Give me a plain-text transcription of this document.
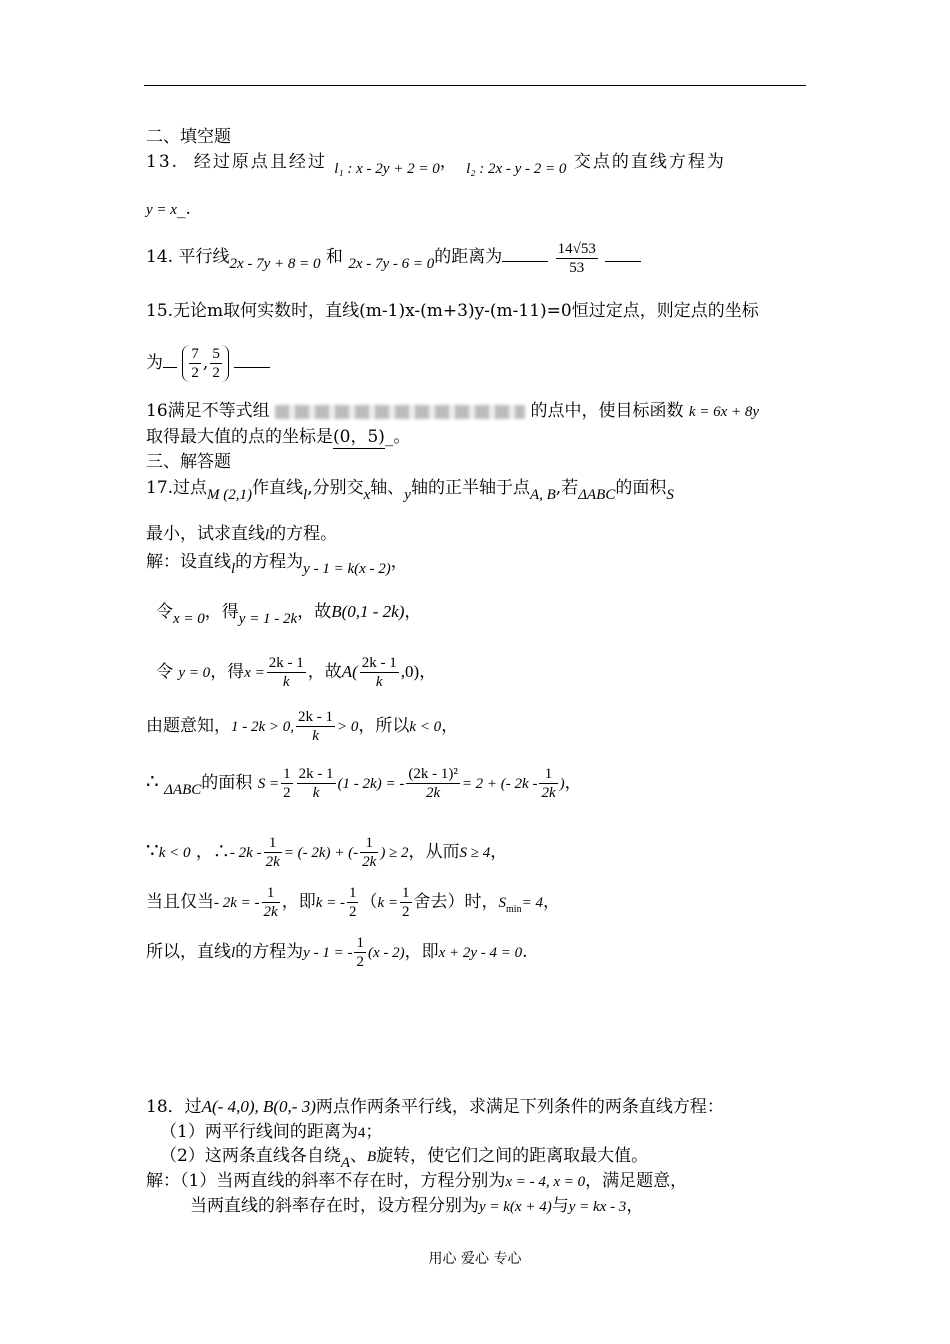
二、填空题
13. 经过原点且经过 l₁ : x - 2y + 2 = 0， l₂ : 2x - y - 2 = 0 交点的直线方程为
y = x_.
14. 平行线2x - 7y + 8 = 0 和 2x - 7y - 6 = 0的距离为	$\frac{14√53}{53}$

15.无论m取何实数时，直线(m-1)x-(m+3)y-(m-11)=0恒过定点，则定点的坐标
为 $\frac{7}{2}$ , $\frac{5}{2}$

16满足不等式组	的点中，使目标函数 k = 6x + 8y
取得最大值的点的坐标是(0，5)_。
三、解答题
17.过点M (2,1)作直线l,分别交x轴、y轴的正半轴于点A, B,若ΔABC的面积S
最小，试求直线l的方程。
解：设直线l的方程为y - 1 = k(x - 2)，
令x = 0，得y = 1 - 2k，故B(0,1 - 2k)，
令 y = 0，得$x = \frac{2k - 1}{k}$ ，故$A( \frac{2k - 1}{k} ,0)$，
由题意知，1 - 2k > 0, $\frac{2k - 1}{k} > 0$，所以k < 0，
∴ ΔABC的面积 $S = \frac{1}{2} \frac{2k - 1}{k} (1 - 2k)$ = - $\frac{\text{(2k - 1)²}}{2k} = 2$ + (- $2k - \frac{1}{2k}$ )，
∵k < 0 ，∴- $2k - \frac{1}{2k}$ = (- 2k) + (- $\frac{1}{2k}$ ) ≥ 2，从而S ≥ 4，
当且仅当- 2k = - $\frac{1}{2k}$ ，即k = - $\frac{1}{2} (k = \frac{1}{2}$ 舍去）时，$S_{min}= 4$，
所以，直线l的方程为y - 1 = - $\frac{1}{2} (x - 2)$，即x + 2y - 4 = 0.
18．过A(- 4,0), B(0,- 3)两点作两条平行线，求满足下列条件的两条直线方程：
（1）两平行线间的距离为4；
（2）这两条直线各自绕A、B旋转，使它们之间的距离取最大值。
解：（1）当两直线的斜率不存在时，方程分别为x = - 4, x = 0，满足题意，
当两直线的斜率存在时，设方程分别为y = k(x + 4)与y = kx - 3，
用心 爱心 专心
